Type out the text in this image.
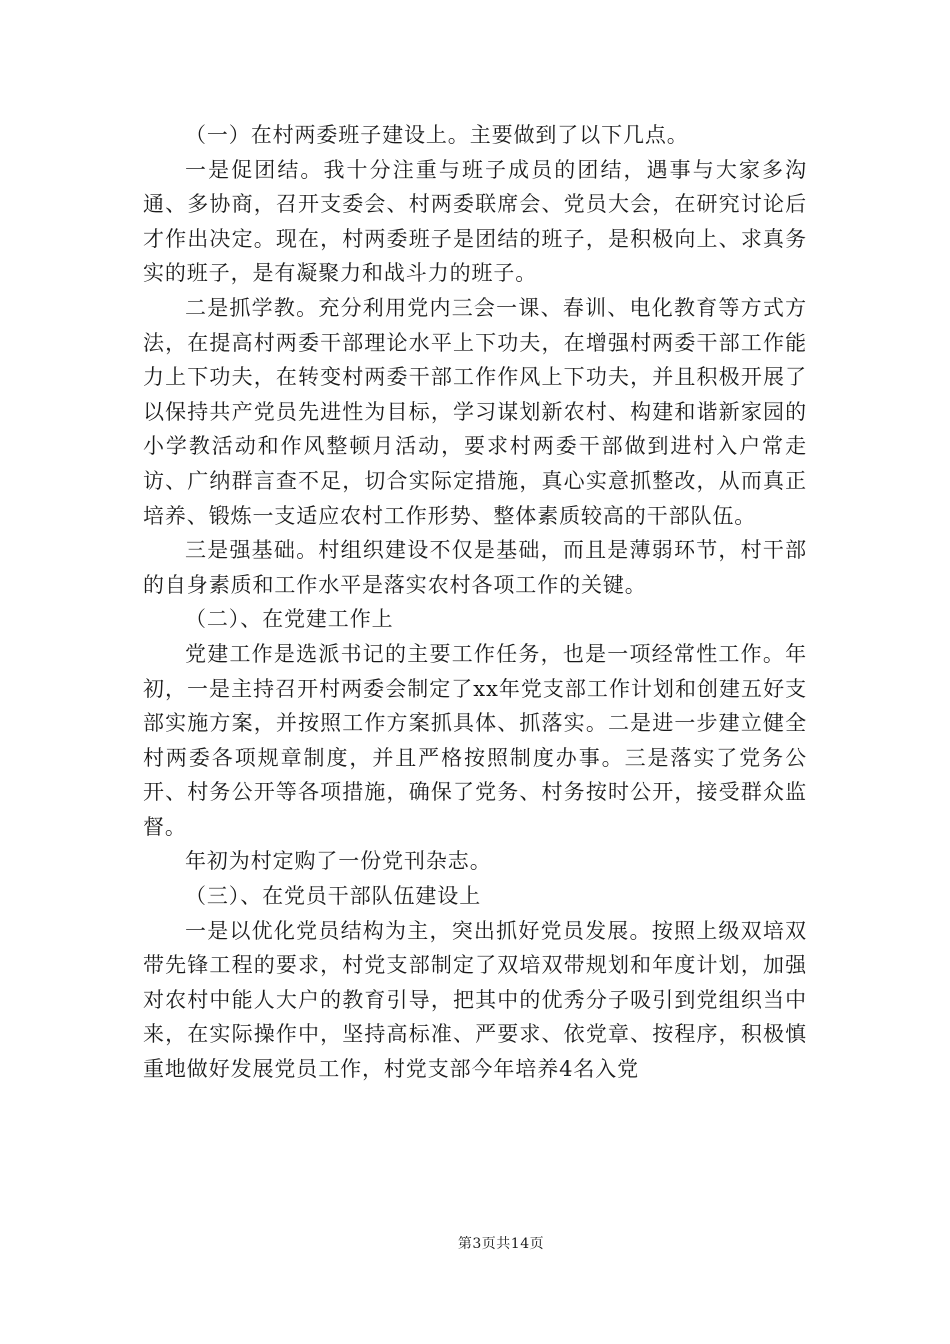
（一）在村两委班子建设上。主要做到了以下几点。

一是促团结。我十分注重与班子成员的团结，遇事与大家多沟通、多协商，召开支委会、村两委联席会、党员大会，在研究讨论后才作出决定。现在，村两委班子是团结的班子，是积极向上、求真务实的班子，是有凝聚力和战斗力的班子。

二是抓学教。充分利用党内三会一课、春训、电化教育等方式方法，在提高村两委干部理论水平上下功夫，在增强村两委干部工作能力上下功夫，在转变村两委干部工作作风上下功夫，并且积极开展了以保持共产党员先进性为目标，学习谋划新农村、构建和谐新家园的小学教活动和作风整顿月活动，要求村两委干部做到进村入户常走访、广纳群言查不足，切合实际定措施，真心实意抓整改，从而真正培养、锻炼一支适应农村工作形势、整体素质较高的干部队伍。

三是强基础。村组织建设不仅是基础，而且是薄弱环节，村干部的自身素质和工作水平是落实农村各项工作的关键。

（二）、在党建工作上

党建工作是选派书记的主要工作任务，也是一项经常性工作。年初，一是主持召开村两委会制定了xx年党支部工作计划和创建五好支部实施方案，并按照工作方案抓具体、抓落实。二是进一步建立健全村两委各项规章制度，并且严格按照制度办事。三是落实了党务公开、村务公开等各项措施，确保了党务、村务按时公开，接受群众监督。

年初为村定购了一份党刊杂志。

（三）、在党员干部队伍建设上

一是以优化党员结构为主，突出抓好党员发展。按照上级双培双带先锋工程的要求，村党支部制定了双培双带规划和年度计划，加强对农村中能人大户的教育引导，把其中的优秀分子吸引到党组织当中来，在实际操作中，坚持高标准、严要求、依党章、按程序，积极慎重地做好发展党员工作，村党支部今年培养4名入党

第3页共14页
